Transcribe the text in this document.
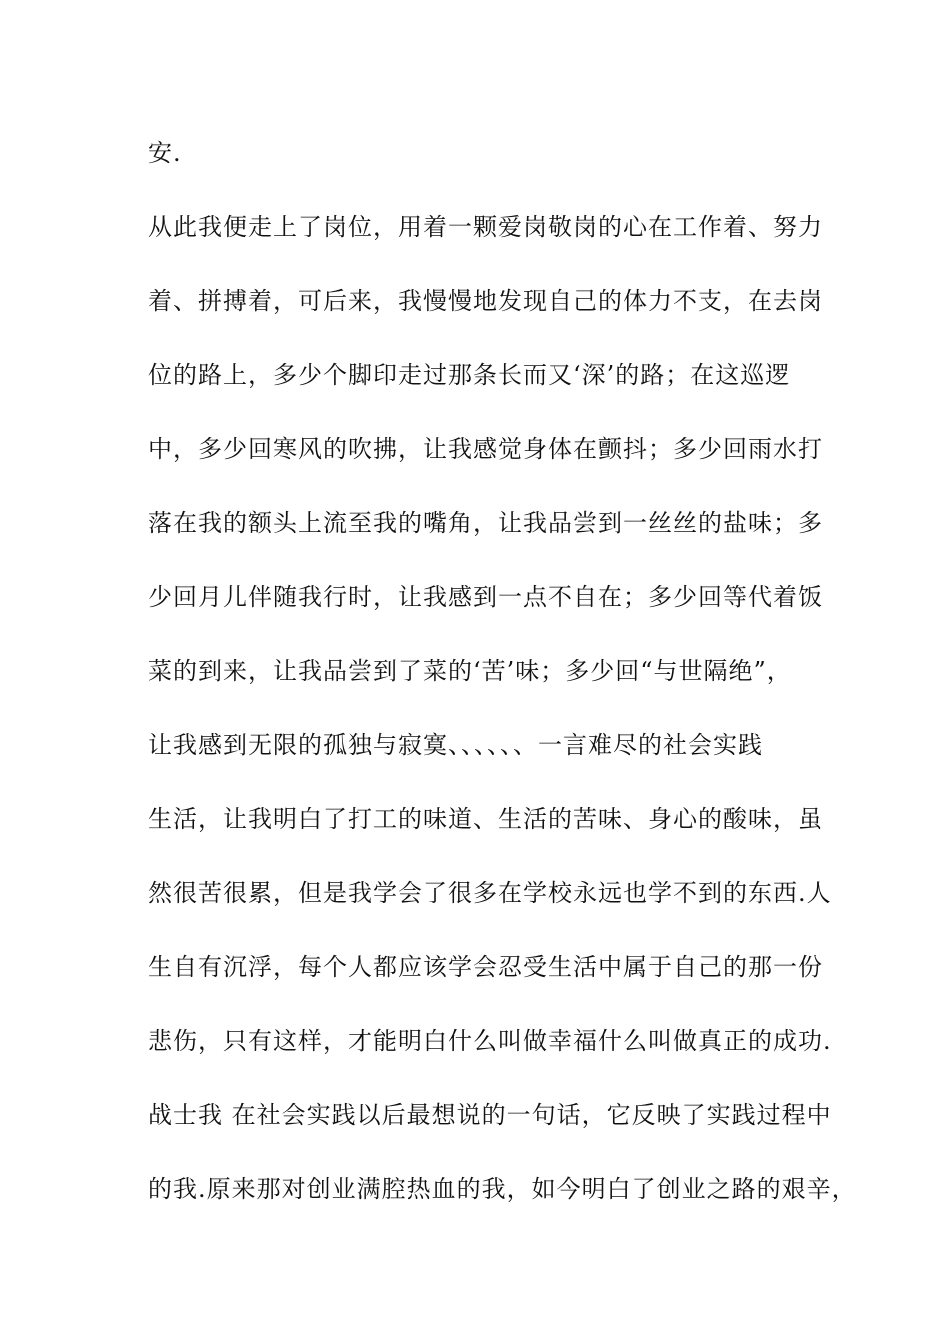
安.
从此我便走上了岗位，用着一颗爱岗敬岗的心在工作着、努力
着、拼搏着，可后来，我慢慢地发现自己的体力不支，在去岗
位的路上，多少个脚印走过那条长而又‘深’的路；在这巡逻
中，多少回寒风的吹拂，让我感觉身体在颤抖；多少回雨水打
落在我的额头上流至我的嘴角，让我品尝到一丝丝的盐味；多
少回月儿伴随我行时，让我感到一点不自在；多少回等代着饭
菜的到来，让我品尝到了菜的‘苦’味；多少回“与世隔绝”，
让我感到无限的孤独与寂寞、、、、、、一言难尽的社会实践
生活，让我明白了打工的味道、生活的苦味、身心的酸味，虽
然很苦很累，但是我学会了很多在学校永远也学不到的东西.人
生自有沉浮，每个人都应该学会忍受生活中属于自己的那一份
悲伤，只有这样，才能明白什么叫做幸福什么叫做真正的成功.
战士我 在社会实践以后最想说的一句话，它反映了实践过程中
的我.原来那对创业满腔热血的我，如今明白了创业之路的艰辛，
